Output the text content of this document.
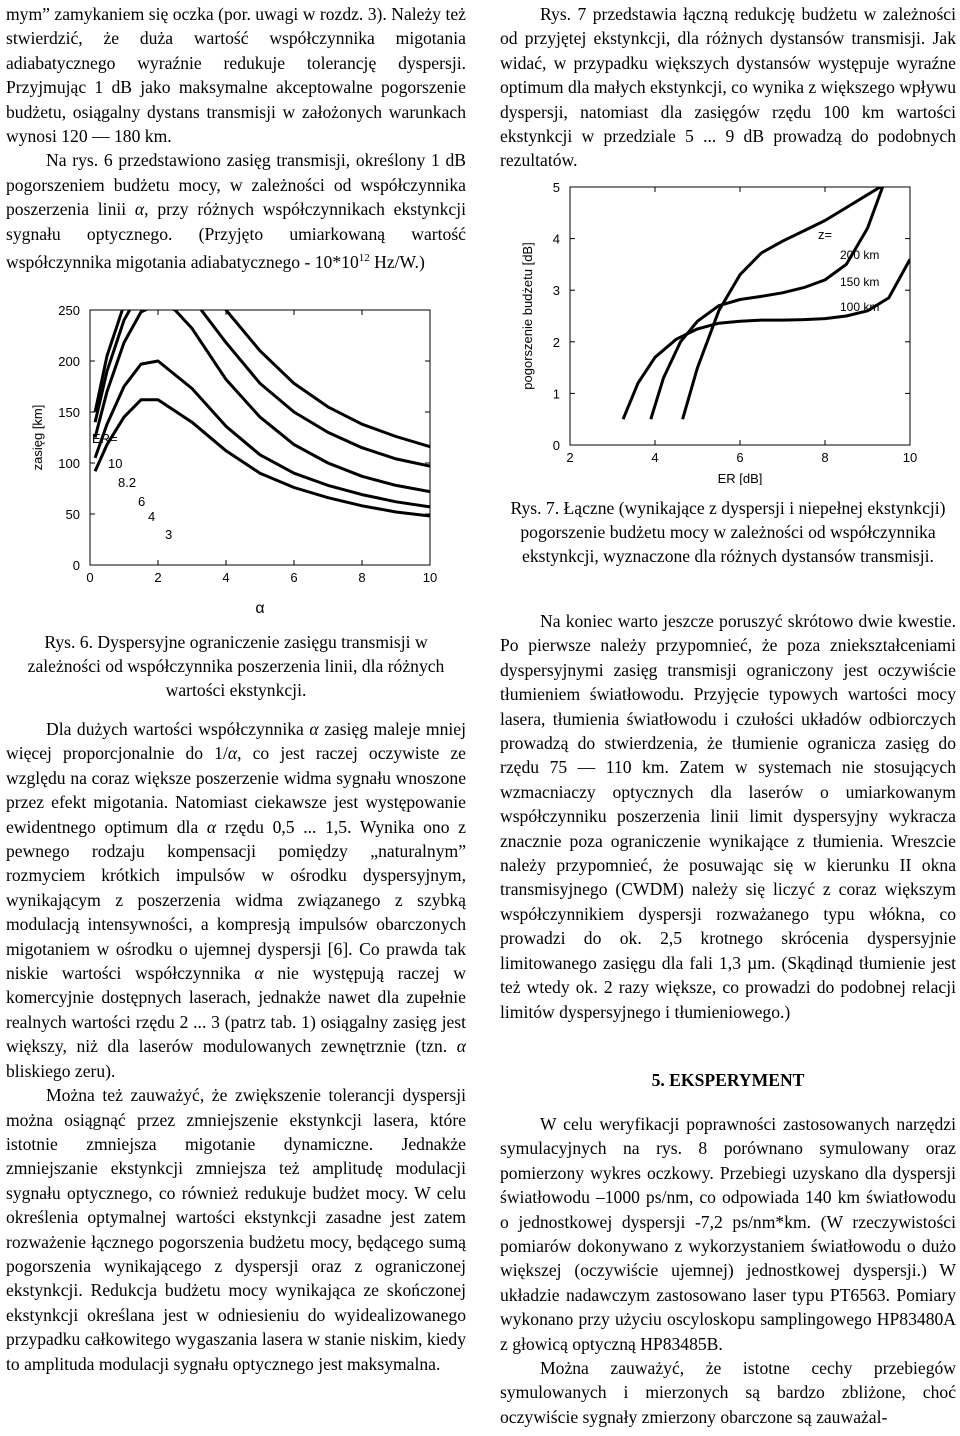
mym” zamykaniem się oczka (por. uwagi w rozdz. 3). Należy też stwierdzić, że duża wartość współczynnika migotania adiabatycznego wyraźnie redukuje tolerancję dyspersji. Przyjmując 1 dB jako maksymalne akceptowalne pogorszenie budżetu, osiągalny dystans transmisji w założonych warunkach wynosi 120 — 180 km.

Na rys. 6 przedstawiono zasięg transmisji, określony 1 dB pogorszeniem budżetu mocy, w zależności od współczynnika poszerzenia linii α, przy różnych współczynnikach ekstynkcji sygnału optycznego. (Przyjęto umiarkowaną wartość współczynnika migotania adiabatycznego - $10*10^{12}$ Hz/W.)

0	2	4	6	8	10
0
50
100
150
200
250
α
zasięg [km]	ER=
10
8.2
6
4
3
Rys. 6. Dyspersyjne ograniczenie zasięgu transmisji w zależności od współczynnika poszerzenia linii, dla różnych wartości ekstynkcji.

Dla dużych wartości współczynnika α zasięg maleje mniej więcej proporcjonalnie do 1/α, co jest raczej oczywiste ze względu na coraz większe poszerzenie widma sygnału wnoszone przez efekt migotania. Natomiast ciekawsze jest występowanie ewidentnego optimum dla α rzędu 0,5 ... 1,5. Wynika ono z pewnego rodzaju kompensacji pomiędzy „naturalnym” rozmyciem krótkich impulsów w ośrodku dyspersyjnym, wynikającym z poszerzenia widma związanego z szybką modulacją intensywności, a kompresją impulsów obarczonych migotaniem w ośrodku o ujemnej dyspersji [6]. Co prawda tak niskie wartości współczynnika α nie występują raczej w komercyjnie dostępnych laserach, jednakże nawet dla zupełnie realnych wartości rzędu 2 ... 3 (patrz tab. 1) osiągalny zasięg jest większy, niż dla laserów modulowanych zewnętrznie (tzn. α bliskiego zeru).

Można też zauważyć, że zwiększenie tolerancji dyspersji można osiągnąć przez zmniejszenie ekstynkcji lasera, które istotnie zmniejsza migotanie dynamiczne. Jednakże zmniejszanie ekstynkcji zmniejsza też amplitudę modulacji sygnału optycznego, co również redukuje budżet mocy. W celu określenia optymalnej wartości ekstynkcji zasadne jest zatem rozważenie łącznego pogorszenia budżetu mocy, będącego sumą pogorszenia wynikającego z dyspersji oraz z ograniczonej ekstynkcji. Redukcja budżetu mocy wynikająca ze skończonej ekstynkcji określana jest w odniesieniu do wyidealizowanego przypadku całkowitego wygaszania lasera w stanie niskim, kiedy to amplituda modulacji sygnału optycznego jest maksymalna.

Rys. 7 przedstawia łączną redukcję budżetu w zależności od przyjętej ekstynkcji, dla różnych dystansów transmisji. Jak widać, w przypadku większych dystansów występuje wyraźne optimum dla małych ekstynkcji, co wynika z większego wpływu dyspersji, natomiast dla zasięgów rzędu 100 km wartości ekstynkcji w przedziale 5 ... 9 dB prowadzą do podobnych rezultatów.

2	4	6	8	10
0
1
2
3
4
5
ER [dB]
pogorszenie budżetu [dB]
z=
200 km
150 km
100 km
Rys. 7. Łączne (wynikające z dyspersji i niepełnej ekstynkcji) pogorszenie budżetu mocy w zależności od współczynnika ekstynkcji, wyznaczone dla różnych dystansów transmisji.

Na koniec warto jeszcze poruszyć skrótowo dwie kwestie. Po pierwsze należy przypomnieć, że poza zniekształceniami dyspersyjnymi zasięg transmisji ograniczony jest oczywiście tłumieniem światłowodu. Przyjęcie typowych wartości mocy lasera, tłumienia światłowodu i czułości układów odbiorczych prowadzą do stwierdzenia, że tłumienie ogranicza zasięg do rzędu 75 — 110 km. Zatem w systemach nie stosujących wzmacniaczy optycznych dla laserów o umiarkowanym współczynniku poszerzenia linii limit dyspersyjny wykracza znacznie poza ograniczenie wynikające z tłumienia. Wreszcie należy przypomnieć, że posuwając się w kierunku II okna transmisyjnego (CWDM) należy się liczyć z coraz większym współczynnikiem dyspersji rozważanego typu włókna, co prowadzi do ok. 2,5 krotnego skrócenia dyspersyjnie limitowanego zasięgu dla fali 1,3 µm. (Skądinąd tłumienie jest też wtedy ok. 2 razy większe, co prowadzi do podobnej relacji limitów dyspersyjnego i tłumieniowego.)

5. EKSPERYMENT

W celu weryfikacji poprawności zastosowanych narzędzi symulacyjnych na rys. 8 porównano symulowany oraz pomierzony wykres oczkowy. Przebiegi uzyskano dla dyspersji światłowodu –1000 ps/nm, co odpowiada 140 km światłowodu o jednostkowej dyspersji -7,2 ps/nm*km. (W rzeczywistości pomiarów dokonywano z wykorzystaniem światłowodu o dużo większej (oczywiście ujemnej) jednostkowej dyspersji.) W układzie nadawczym zastosowano laser typu PT6563. Pomiary wykonano przy użyciu oscyloskopu samplingowego HP83480A z głowicą optyczną HP83485B.

Można zauważyć, że istotne cechy przebiegów symulowanych i mierzonych są bardzo zbliżone, choć oczywiście sygnały zmierzony obarczone są zauważal-
